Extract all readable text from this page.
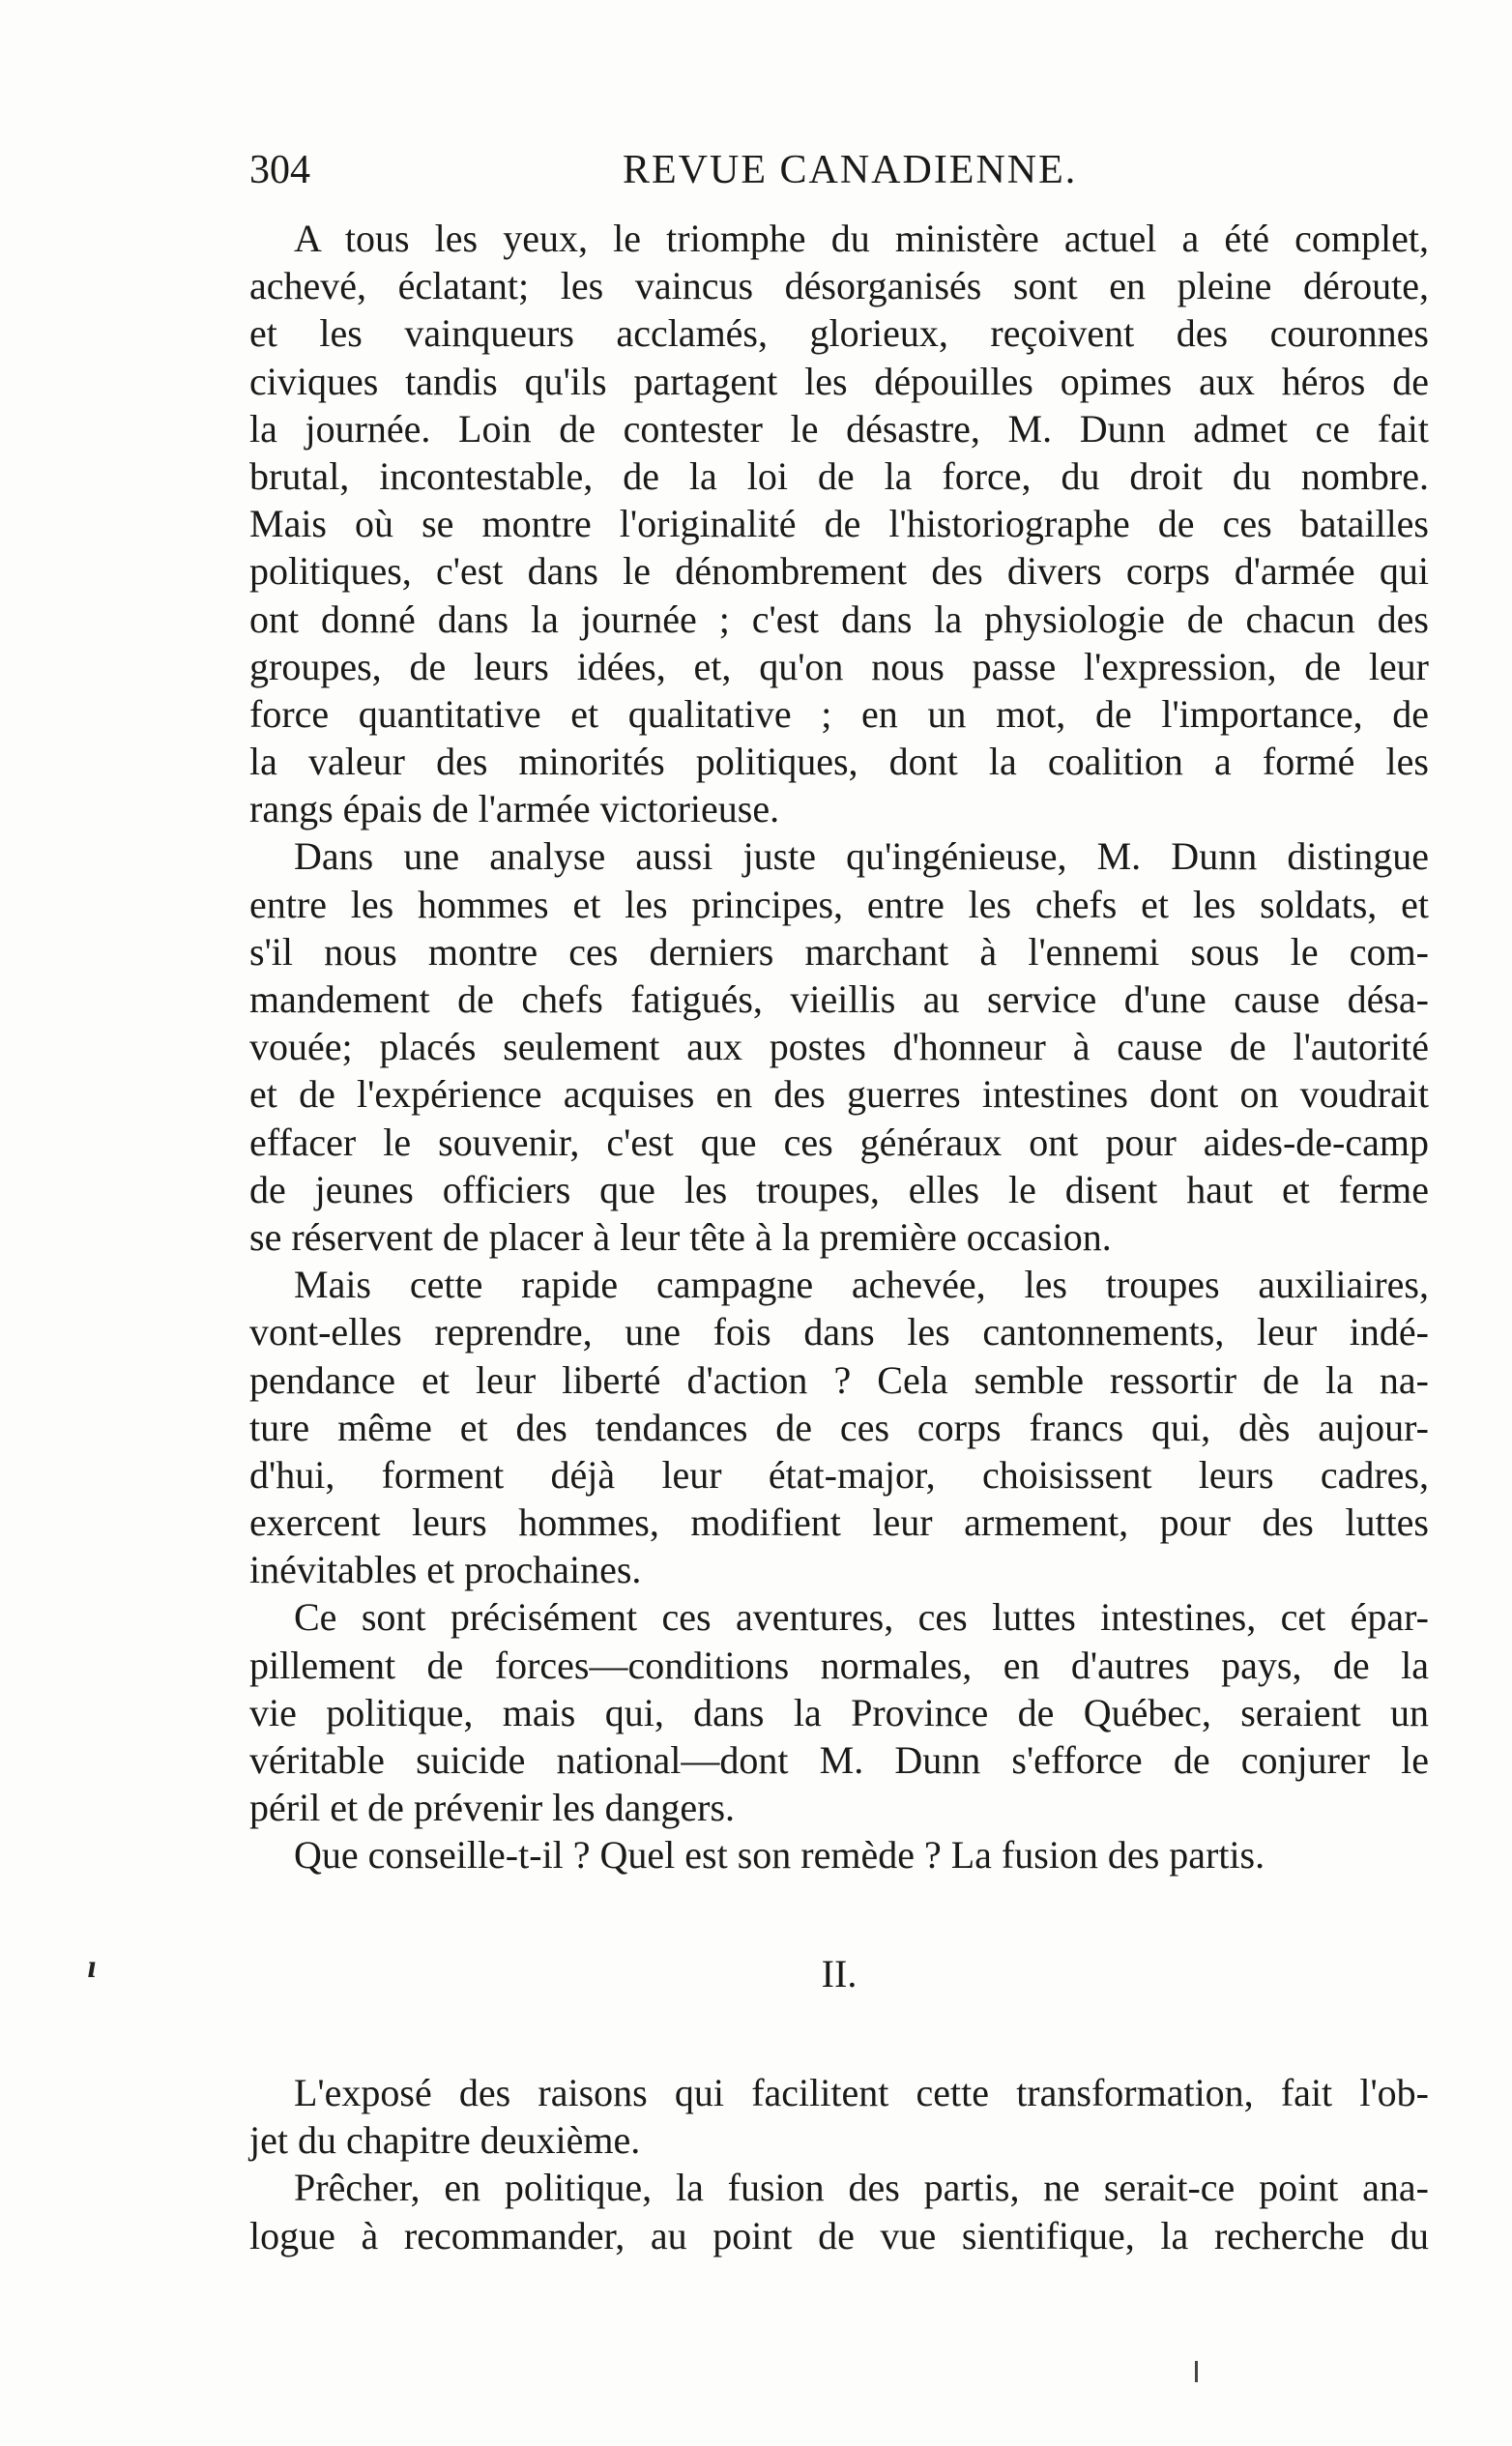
304	REVUE CANADIENNE.
A tous les yeux, le triomphe du ministère actuel a été complet,
achevé, éclatant; les vaincus désorganisés sont en pleine déroute,
et les vainqueurs acclamés, glorieux, reçoivent des couronnes
civiques tandis qu'ils partagent les dépouilles opimes aux héros de
la journée. Loin de contester le désastre, M. Dunn admet ce fait
brutal, incontestable, de la loi de la force, du droit du nombre.
Mais où se montre l'originalité de l'historiographe de ces batailles
politiques, c'est dans le dénombrement des divers corps d'armée qui
ont donné dans la journée ; c'est dans la physiologie de chacun des
groupes, de leurs idées, et, qu'on nous passe l'expression, de leur
force quantitative et qualitative ; en un mot, de l'importance, de
la valeur des minorités politiques, dont la coalition a formé les
rangs épais de l'armée victorieuse.
Dans une analyse aussi juste qu'ingénieuse, M. Dunn distingue
entre les hommes et les principes, entre les chefs et les soldats, et
s'il nous montre ces derniers marchant à l'ennemi sous le com-
mandement de chefs fatigués, vieillis au service d'une cause désa-
vouée; placés seulement aux postes d'honneur à cause de l'autorité
et de l'expérience acquises en des guerres intestines dont on voudrait
effacer le souvenir, c'est que ces généraux ont pour aides-de-camp
de jeunes officiers que les troupes, elles le disent haut et ferme
se réservent de placer à leur tête à la première occasion.
Mais cette rapide campagne achevée, les troupes auxiliaires,
vont-elles reprendre, une fois dans les cantonnements, leur indé-
pendance et leur liberté d'action ? Cela semble ressortir de la na-
ture même et des tendances de ces corps francs qui, dès aujour-
d'hui, forment déjà leur état-major, choisissent leurs cadres,
exercent leurs hommes, modifient leur armement, pour des luttes
inévitables et prochaines.
Ce sont précisément ces aventures, ces luttes intestines, cet épar-
pillement de forces—conditions normales, en d'autres pays, de la
vie politique, mais qui, dans la Province de Québec, seraient un
véritable suicide national—dont M. Dunn s'efforce de conjurer le
péril et de prévenir les dangers.
Que conseille-t-il ? Quel est son remède ? La fusion des partis.
II.
L'exposé des raisons qui facilitent cette transformation, fait l'ob-
jet du chapitre deuxième.
Prêcher, en politique, la fusion des partis, ne serait-ce point ana-
logue à recommander, au point de vue sientifique, la recherche du
ɪ
